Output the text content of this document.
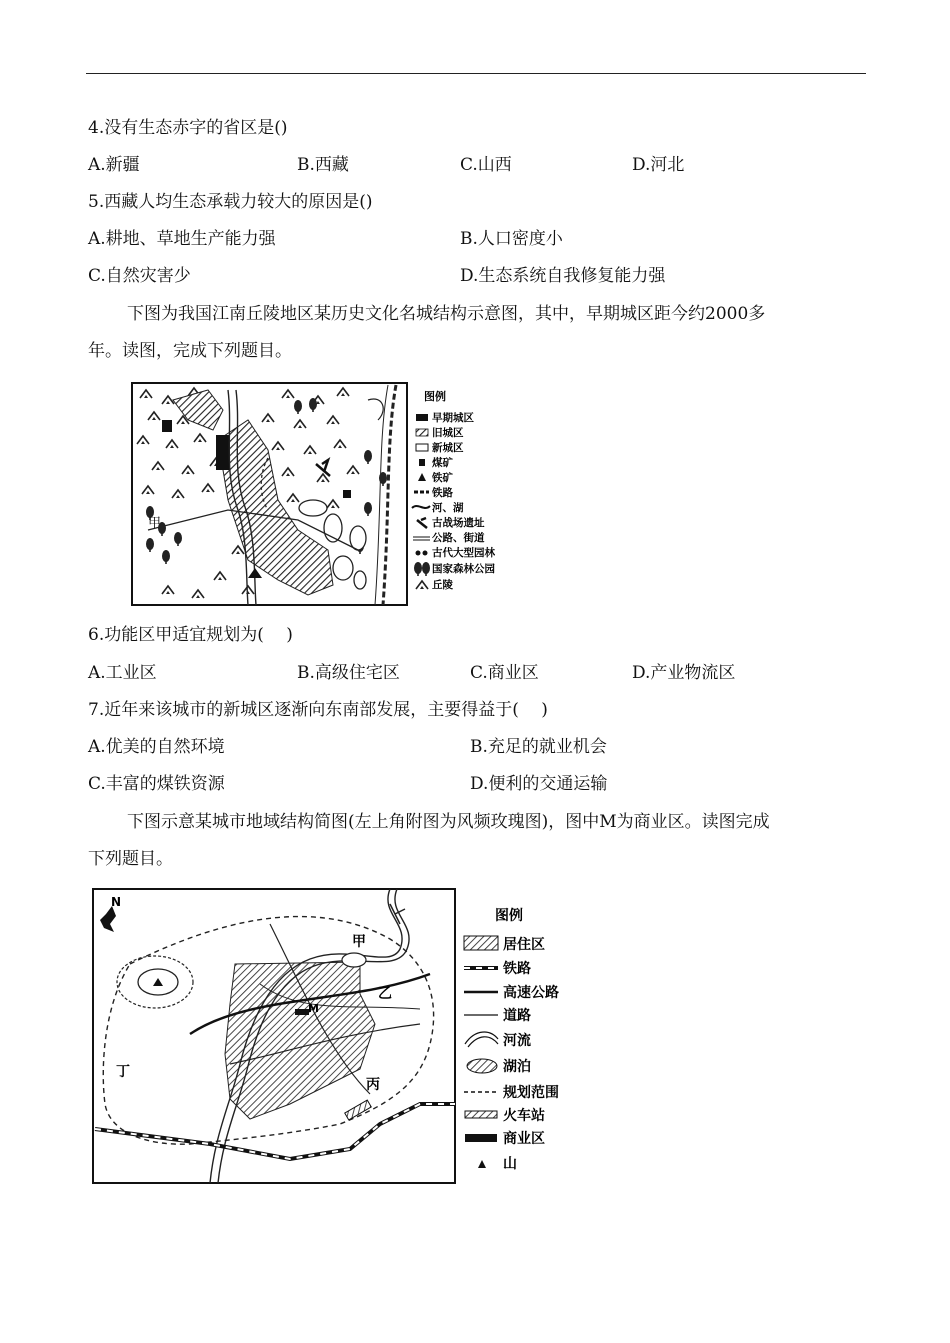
4.没有生态赤字的省区是()
A.新疆	B.西藏	C.山西	D.河北
5.西藏人均生态承载力较大的原因是()
A.耕地、草地生产能力强	B.人口密度小
C.自然灾害少	D.生态系统自我修复能力强
下图为我国江南丘陵地区某历史文化名城结构示意图，其中，早期城区距今约2000多
年。读图，完成下列题目。
甲
图例
早期城区
旧城区
新城区
煤矿
铁矿
铁路
河、湖
古战场遗址
公路、街道
古代大型园林
国家森林公园
丘陵
6.功能区甲适宜规划为(　 )
A.工业区	B.高级住宅区	C.商业区	D.产业物流区
7.近年来该城市的新城区逐渐向东南部发展，主要得益于(　 )
A.优美的自然环境	B.充足的就业机会
C.丰富的煤铁资源	D.便利的交通运输
下图示意某城市地域结构简图(左上角附图为风频玫瑰图)，图中M为商业区。读图完成
下列题目。
N
甲
乙
丙
丁
M
图例
居住区
铁路
高速公路
道路
河流
湖泊
规划范围
火车站
商业区
山
